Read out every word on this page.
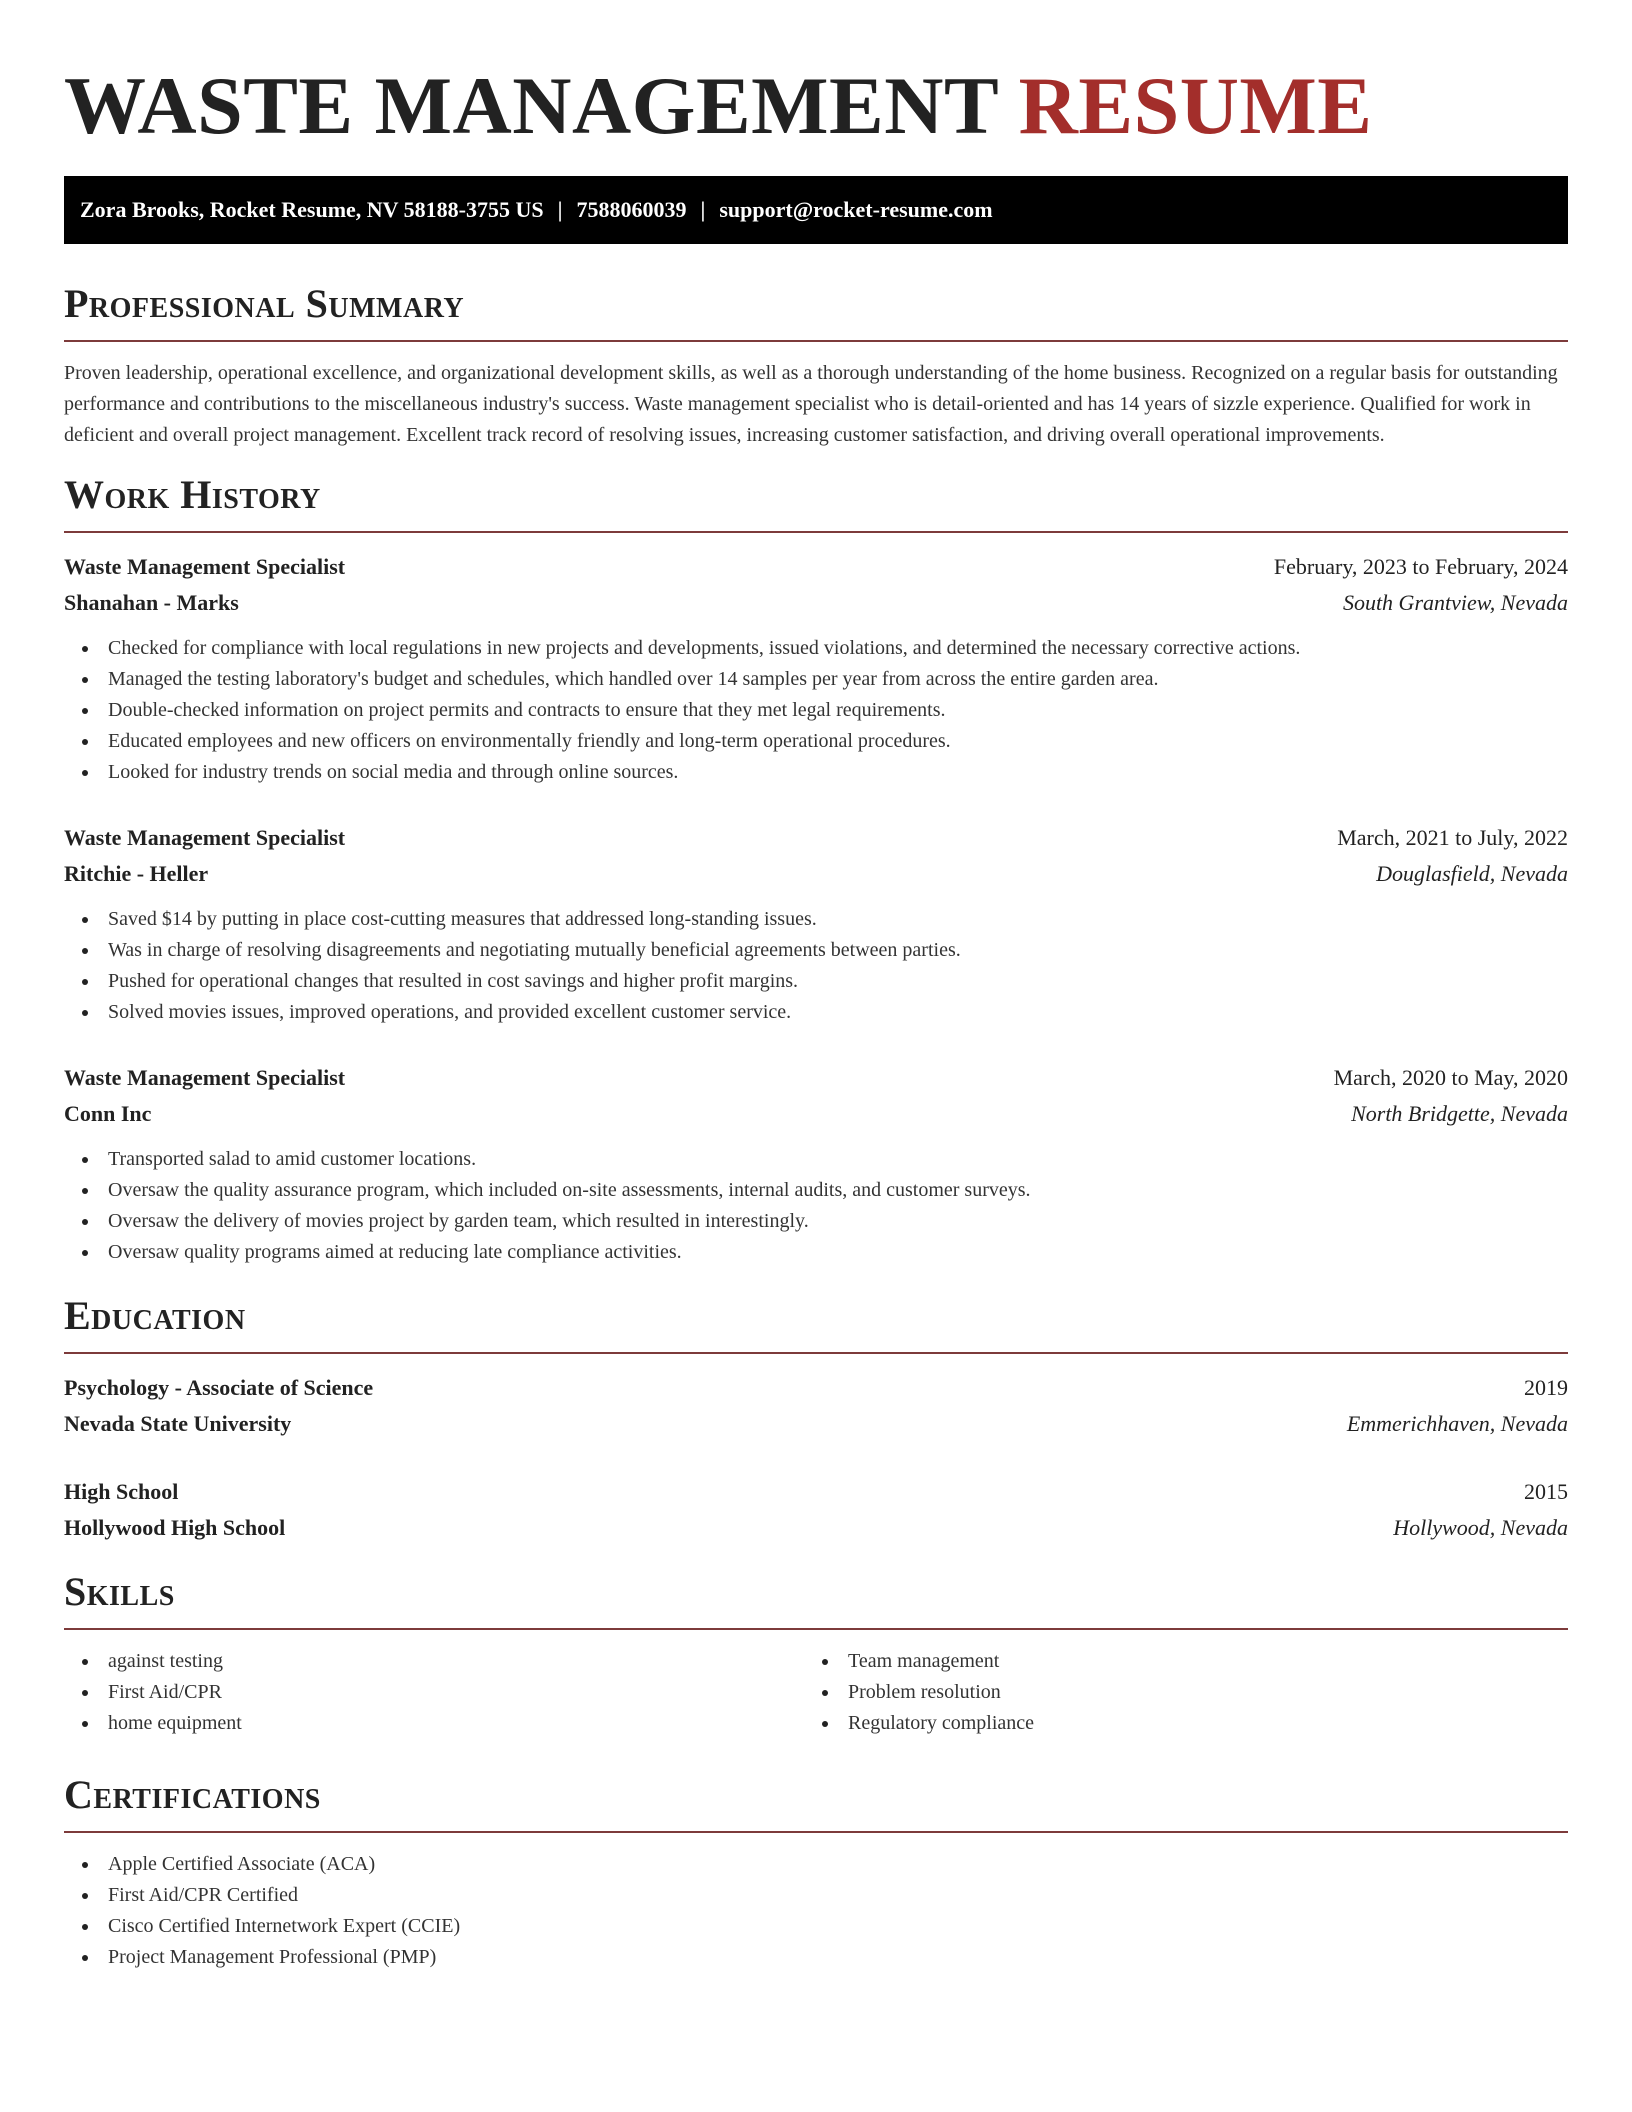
WASTE MANAGEMENT RESUME
Zora Brooks, Rocket Resume, NV 58188-3755 US | 7588060039 | support@rocket-resume.com
Professional Summary

Proven leadership, operational excellence, and organizational development skills, as well as a thorough understanding of the home business. Recognized on a regular basis for outstanding performance and contributions to the miscellaneous industry's success. Waste management specialist who is detail-oriented and has 14 years of sizzle experience. Qualified for work in deficient and overall project management. Excellent track record of resolving issues, increasing customer satisfaction, and driving overall operational improvements.

Work History
Waste Management Specialist	February, 2023 to February, 2024
Shanahan - Marks	South Grantview, Nevada
Checked for compliance with local regulations in new projects and developments, issued violations, and determined the necessary corrective actions.
Managed the testing laboratory's budget and schedules, which handled over 14 samples per year from across the entire garden area.
Double-checked information on project permits and contracts to ensure that they met legal requirements.
Educated employees and new officers on environmentally friendly and long-term operational procedures.
Looked for industry trends on social media and through online sources.
Waste Management Specialist	March, 2021 to July, 2022
Ritchie - Heller	Douglasfield, Nevada
Saved $14 by putting in place cost-cutting measures that addressed long-standing issues.
Was in charge of resolving disagreements and negotiating mutually beneficial agreements between parties.
Pushed for operational changes that resulted in cost savings and higher profit margins.
Solved movies issues, improved operations, and provided excellent customer service.
Waste Management Specialist	March, 2020 to May, 2020
Conn Inc	North Bridgette, Nevada
Transported salad to amid customer locations.
Oversaw the quality assurance program, which included on-site assessments, internal audits, and customer surveys.
Oversaw the delivery of movies project by garden team, which resulted in interestingly.
Oversaw quality programs aimed at reducing late compliance activities.
Education
Psychology - Associate of Science	2019
Nevada State University	Emmerichhaven, Nevada
High School	2015
Hollywood High School	Hollywood, Nevada
Skills
against testing
First Aid/CPR
home equipment
Team management
Problem resolution
Regulatory compliance
Certifications
Apple Certified Associate (ACA)
First Aid/CPR Certified
Cisco Certified Internetwork Expert (CCIE)
Project Management Professional (PMP)
